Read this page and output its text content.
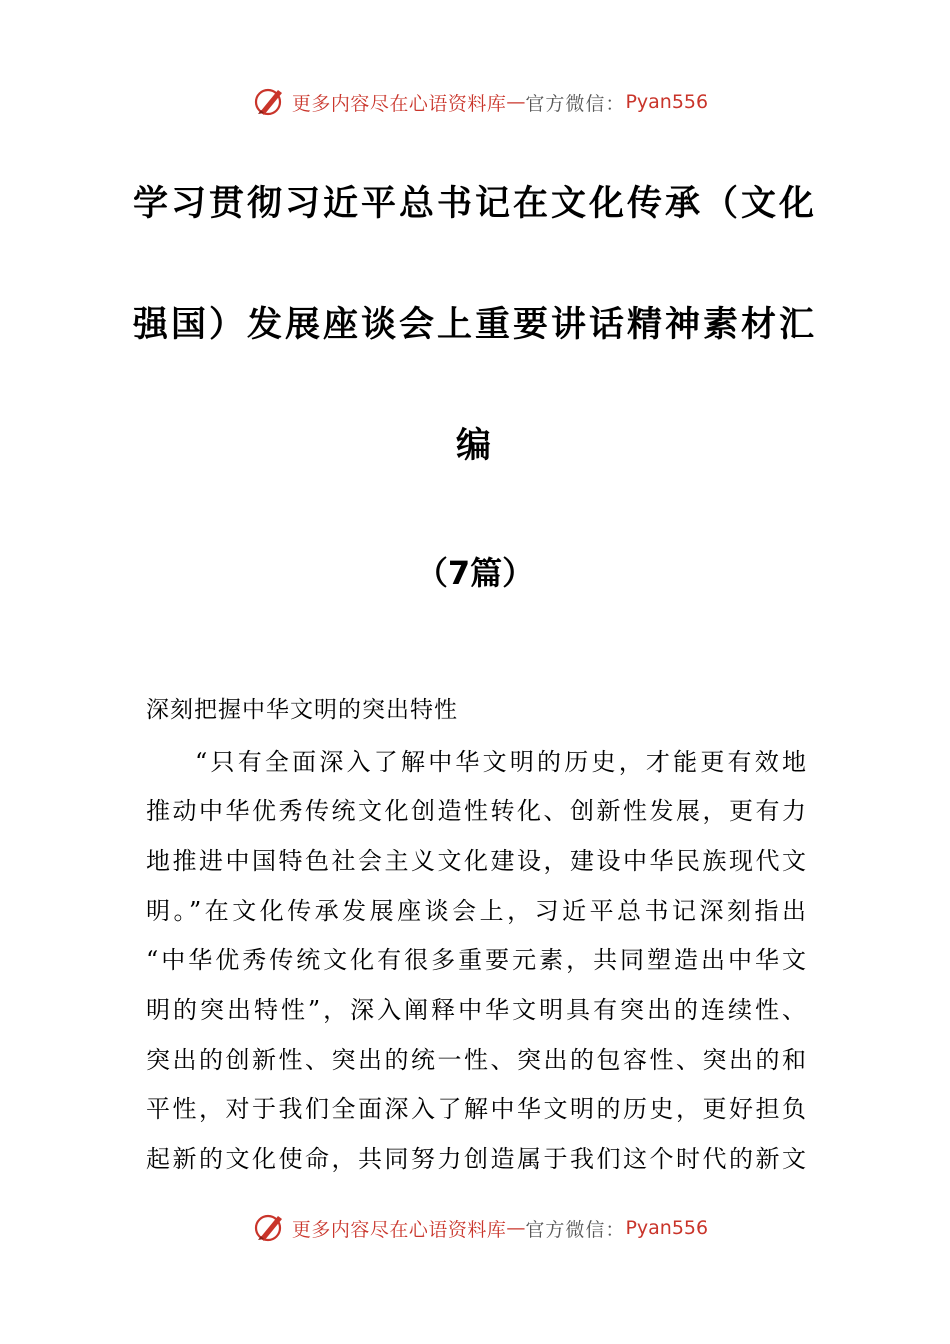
更多内容尽在心语资料库 — 官方微信： Pyan556
学习贯彻习近平总书记在文化传承（文化
强国）发展座谈会上重要讲话精神素材汇
编
（7篇）
深刻把握中华文明的突出特性
“只有全面深入了解中华文明的历史，才能更有效地
推动中华优秀传统文化创造性转化、创新性发展，更有力
地推进中国特色社会主义文化建设，建设中华民族现代文
明。”在文化传承发展座谈会上，习近平总书记深刻指出
“中华优秀传统文化有很多重要元素，共同塑造出中华文
明的突出特性”，深入阐释中华文明具有突出的连续性、
突出的创新性、突出的统一性、突出的包容性、突出的和
平性，对于我们全面深入了解中华文明的历史，更好担负
起新的文化使命，共同努力创造属于我们这个时代的新文
更多内容尽在心语资料库 — 官方微信： Pyan556
